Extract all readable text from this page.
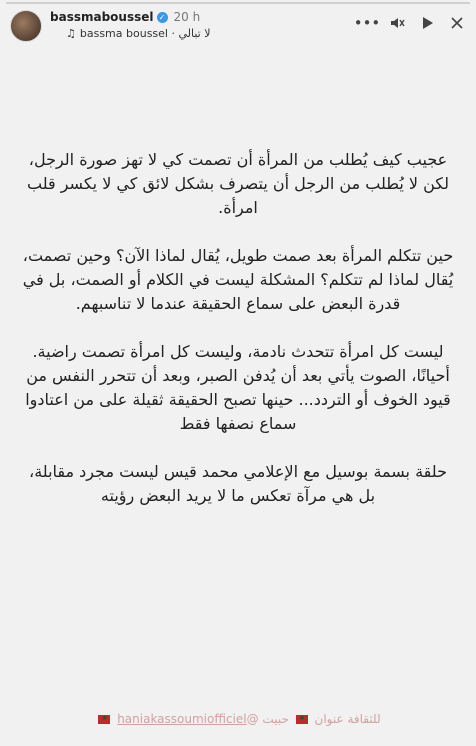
bassmaboussel ✓ 20 h
♫ bassma boussel · لا تبالي
•••

عجيب كيف يُطلب من المرأة أن تصمت كي لا تهز صورة الرجل، لكن لا يُطلب من الرجل أن يتصرف بشكل لائق كي لا يكسر قلب امرأة.

حين تتكلم المرأة بعد صمت طويل، يُقال لماذا الآن؟ وحين تصمت، يُقال لماذا لم تتكلم؟ المشكلة ليست في الكلام أو الصمت، بل في قدرة البعض على سماع الحقيقة عندما لا تناسبهم.

ليست كل امرأة تتحدث نادمة، وليست كل امرأة تصمت راضية. أحيانًا، الصوت يأتي بعد أن يُدفن الصبر، وبعد أن تتحرر النفس من قيود الخوف أو التردد... حينها تصبح الحقيقة ثقيلة على من اعتادوا سماع نصفها فقط

حلقة بسمة بوسيل مع الإعلامي محمد قيس ليست مجرد مقابلة، بل هي مرآة تعكس ما لا يريد البعض رؤيته

للثقافة عنوان ★ حبيت @haniakassoumiofficiel ★
